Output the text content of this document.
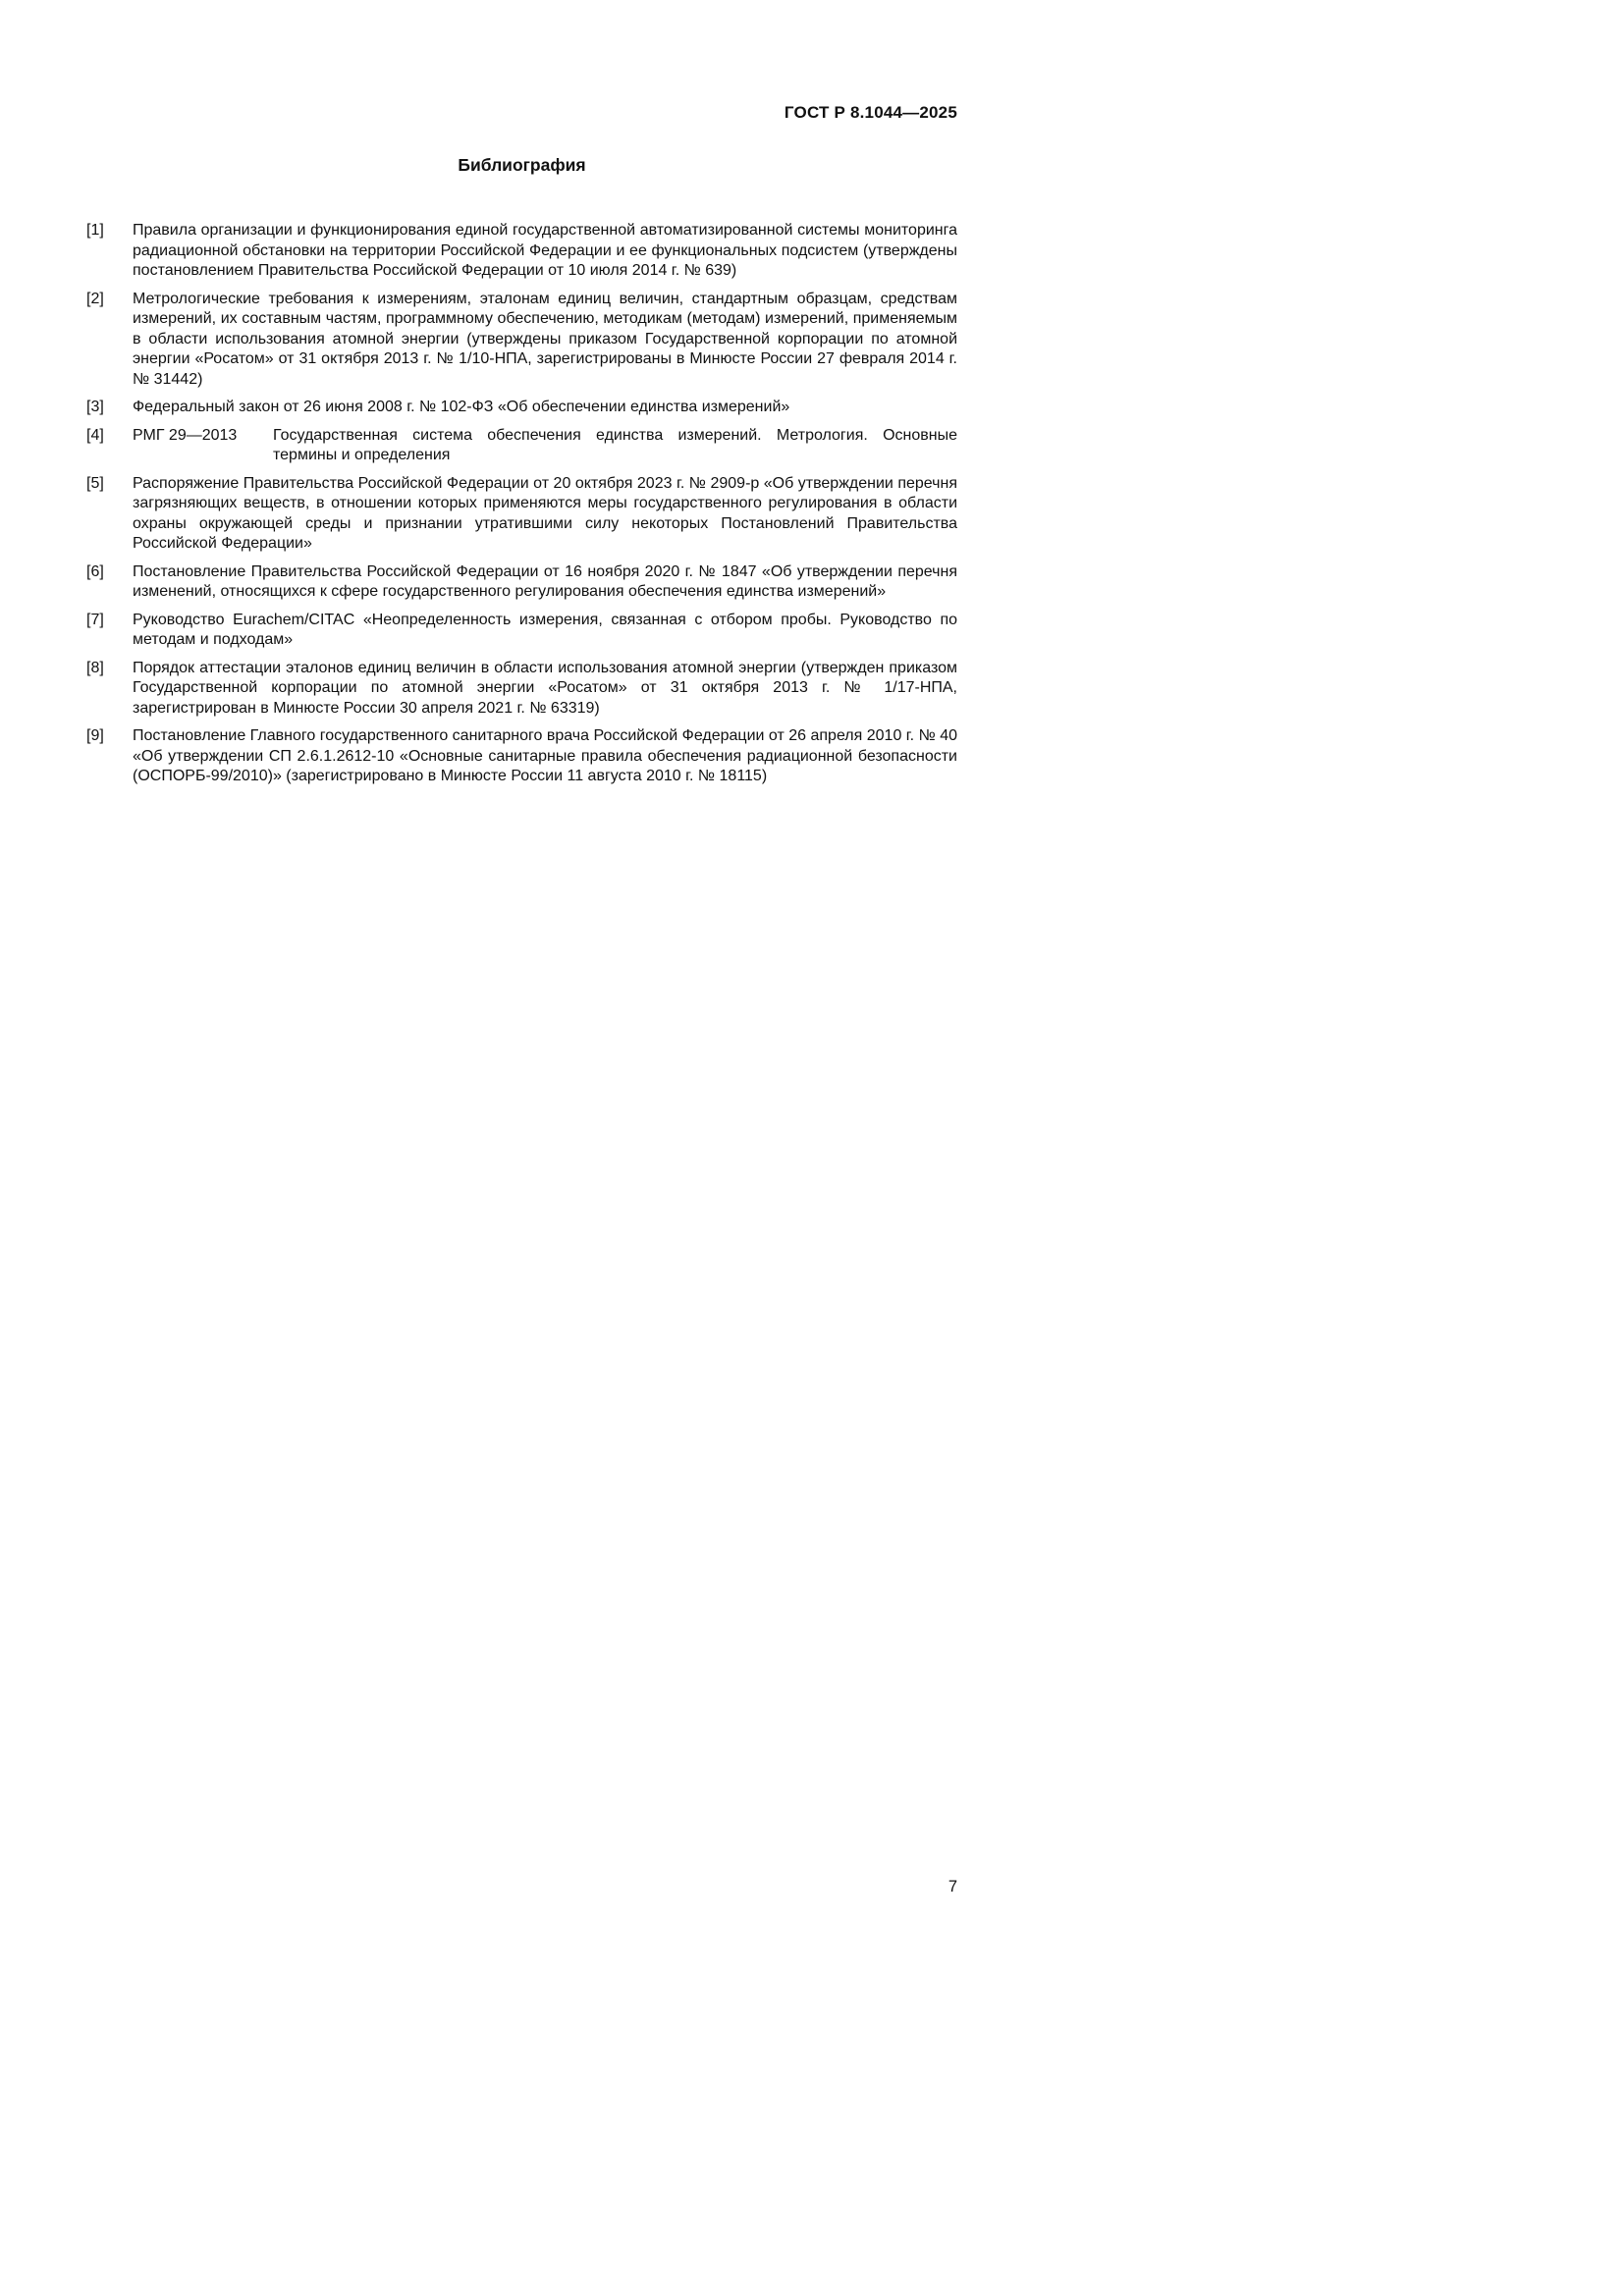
ГОСТ Р 8.1044—2025
Библиография
[1]	Правила организации и функционирования единой государственной автоматизированной системы мониторинга радиационной обстановки на территории Российской Федерации и ее функциональных подсистем (утверждены постановлением Правительства Российской Федерации от 10 июля 2014 г. № 639)
[2]	Метрологические требования к измерениям, эталонам единиц величин, стандартным образцам, средствам измерений, их составным частям, программному обеспечению, методикам (методам) измерений, применяемым в области использования атомной энергии (утверждены приказом Государственной корпорации по атомной энергии «Росатом» от 31 октября 2013 г. № 1/10-НПА, зарегистрированы в Минюсте России 27 февраля 2014 г. № 31442)
[3]	Федеральный закон от 26 июня 2008 г. № 102-ФЗ «Об обеспечении единства измерений»
[4]	РМГ 29—2013	Государственная система обеспечения единства измерений. Метрология. Основные термины и определения
[5]	Распоряжение Правительства Российской Федерации от 20 октября 2023 г. № 2909-р «Об утверждении перечня загрязняющих веществ, в отношении которых применяются меры государственного регулирования в области охраны окружающей среды и признании утратившими силу некоторых Постановлений Правительства Российской Федерации»
[6]	Постановление Правительства Российской Федерации от 16 ноября 2020 г. № 1847 «Об утверждении перечня изменений, относящихся к сфере государственного регулирования обеспечения единства измерений»
[7]	Руководство Eurachem/CITAC «Неопределенность измерения, связанная с отбором пробы. Руководство по методам и подходам»
[8]	Порядок аттестации эталонов единиц величин в области использования атомной энергии (утвержден приказом Государственной корпорации по атомной энергии «Росатом» от 31 октября 2013 г. № 1/17-НПА, зарегистрирован в Минюсте России 30 апреля 2021 г. № 63319)
[9]	Постановление Главного государственного санитарного врача Российской Федерации от 26 апреля 2010 г. № 40 «Об утверждении СП 2.6.1.2612-10 «Основные санитарные правила обеспечения радиационной безопасности (ОСПОРБ-99/2010)» (зарегистрировано в Минюсте России 11 августа 2010 г. № 18115)
7
